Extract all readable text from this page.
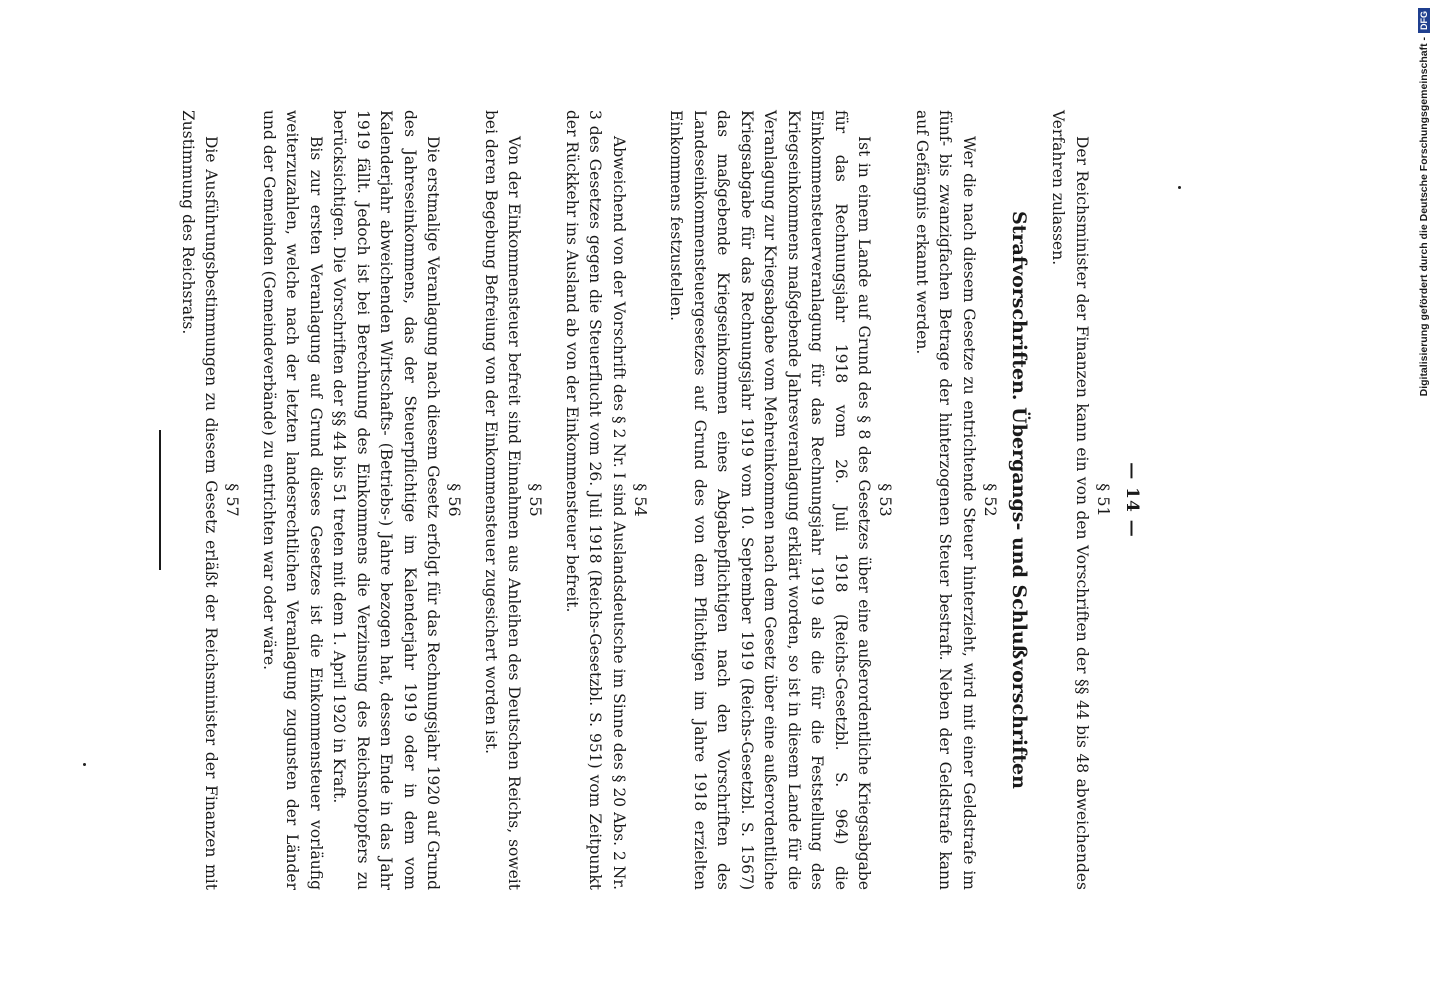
— 14 —
§ 51

Der Reichsminister der Finanzen kann ein von den Vorschriften der §§ 44 bis 48 abweichendes Verfahren zulassen.

Strafvorschriften. Übergangs- und Schlußvorschriften
§ 52

Wer die nach diesem Gesetze zu entrichtende Steuer hinterzieht, wird mit einer Geldstrafe im fünf- bis zwanzigfachen Betrage der hinterzogenen Steuer bestraft. Neben der Geldstrafe kann auf Gefängnis erkannt werden.

§ 53

Ist in einem Lande auf Grund des § 8 des Gesetzes über eine außerordentliche Kriegsabgabe für das Rechnungsjahr 1918 vom 26. Juli 1918 (Reichs-Gesetzbl. S. 964) die Einkommensteuerveranlagung für das Rechnungsjahr 1919 als die für die Feststellung des Kriegseinkommens maßgebende Jahresveranlagung erklärt worden, so ist in diesem Lande für die Veranlagung zur Kriegsabgabe vom Mehreinkommen nach dem Gesetz über eine außerordentliche Kriegsabgabe für das Rechnungsjahr 1919 vom 10. September 1919 (Reichs-Gesetzbl. S. 1567) das maßgebende Kriegseinkommen eines Abgabepflichtigen nach den Vorschriften des Landeseinkommensteuergesetzes auf Grund des von dem Pflichtigen im Jahre 1918 erzielten Einkommens festzustellen.

§ 54

Abweichend von der Vorschrift des § 2 Nr. I sind Auslandsdeutsche im Sinne des § 20 Abs. 2 Nr. 3 des Gesetzes gegen die Steuerflucht vom 26. Juli 1918 (Reichs-Gesetzbl. S. 951) vom Zeitpunkt der Rückkehr ins Ausland ab von der Einkommensteuer befreit.

§ 55

Von der Einkommensteuer befreit sind Einnahmen aus Anleihen des Deutschen Reichs, soweit bei deren Begebung Befreiung von der Einkommensteuer zugesichert worden ist.

§ 56

Die erstmalige Veranlagung nach diesem Gesetz erfolgt für das Rechnungsjahr 1920 auf Grund des Jahreseinkommens, das der Steuerpflichtige im Kalenderjahr 1919 oder in dem vom Kalenderjahr abweichenden Wirtschafts- (Betriebs-) Jahre bezogen hat, dessen Ende in das Jahr 1919 fällt. Jedoch ist bei Berechnung des Einkommens die Verzinsung des Reichsnotopfers zu berücksichtigen. Die Vorschriften der §§ 44 bis 51 treten mit dem 1. April 1920 in Kraft.

Bis zur ersten Veranlagung auf Grund dieses Gesetzes ist die Einkommensteuer vorläufig weiterzuzahlen, welche nach der letzten landesrechtlichen Veranlagung zugunsten der Länder und der Gemeinden (Gemeindeverbände) zu entrichten war oder wäre.

§ 57

Die Ausführungsbestimmungen zu diesem Gesetz erläßt der Reichsminister der Finanzen mit Zustimmung des Reichsrats.	Digitalisierung gefördert durch die Deutsche Forschungsgemeinschaft -
DFG
